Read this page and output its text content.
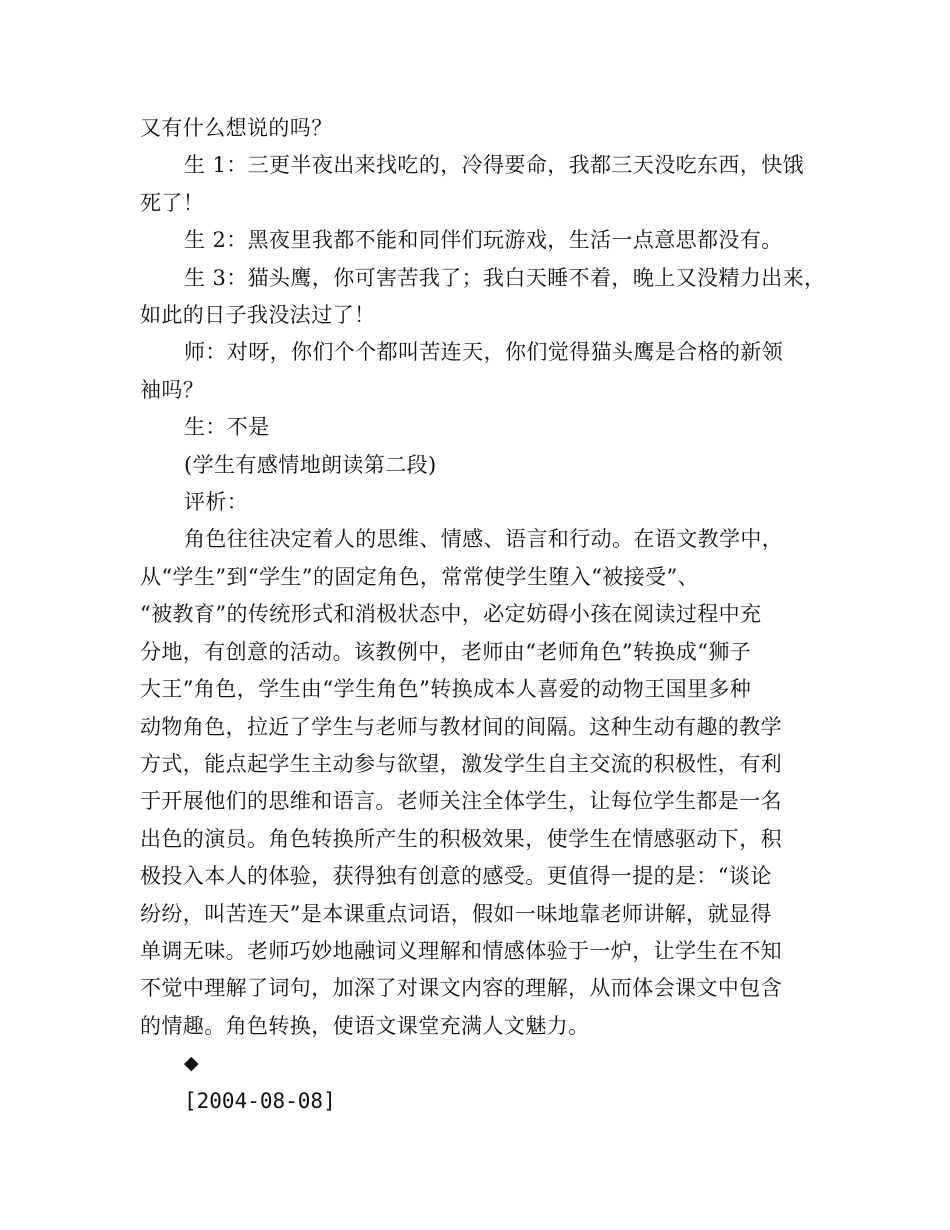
又有什么想说的吗？
生 1：三更半夜出来找吃的，冷得要命，我都三天没吃东西，快饿
死了！
生 2：黑夜里我都不能和同伴们玩游戏，生活一点意思都没有。
生 3：猫头鹰，你可害苦我了；我白天睡不着，晚上又没精力出来，
如此的日子我没法过了！
师：对呀，你们个个都叫苦连天，你们觉得猫头鹰是合格的新领
袖吗？
生：不是
(学生有感情地朗读第二段)
评析：
角色往往决定着人的思维、情感、语言和行动。在语文教学中，
从“学生”到“学生”的固定角色，常常使学生堕入“被接受”、
“被教育”的传统形式和消极状态中，必定妨碍小孩在阅读过程中充
分地，有创意的活动。该教例中，老师由“老师角色”转换成“狮子
大王”角色，学生由“学生角色”转换成本人喜爱的动物王国里多种
动物角色，拉近了学生与老师与教材间的间隔。这种生动有趣的教学
方式，能点起学生主动参与欲望，激发学生自主交流的积极性，有利
于开展他们的思维和语言。老师关注全体学生，让每位学生都是一名
出色的演员。角色转换所产生的积极效果，使学生在情感驱动下，积
极投入本人的体验，获得独有创意的感受。更值得一提的是：“谈论
纷纷，叫苦连天”是本课重点词语，假如一味地靠老师讲解，就显得
单调无味。老师巧妙地融词义理解和情感体验于一炉，让学生在不知
不觉中理解了词句，加深了对课文内容的理解，从而体会课文中包含
的情趣。角色转换，使语文课堂充满人文魅力。
◆
[2004-08-08]
